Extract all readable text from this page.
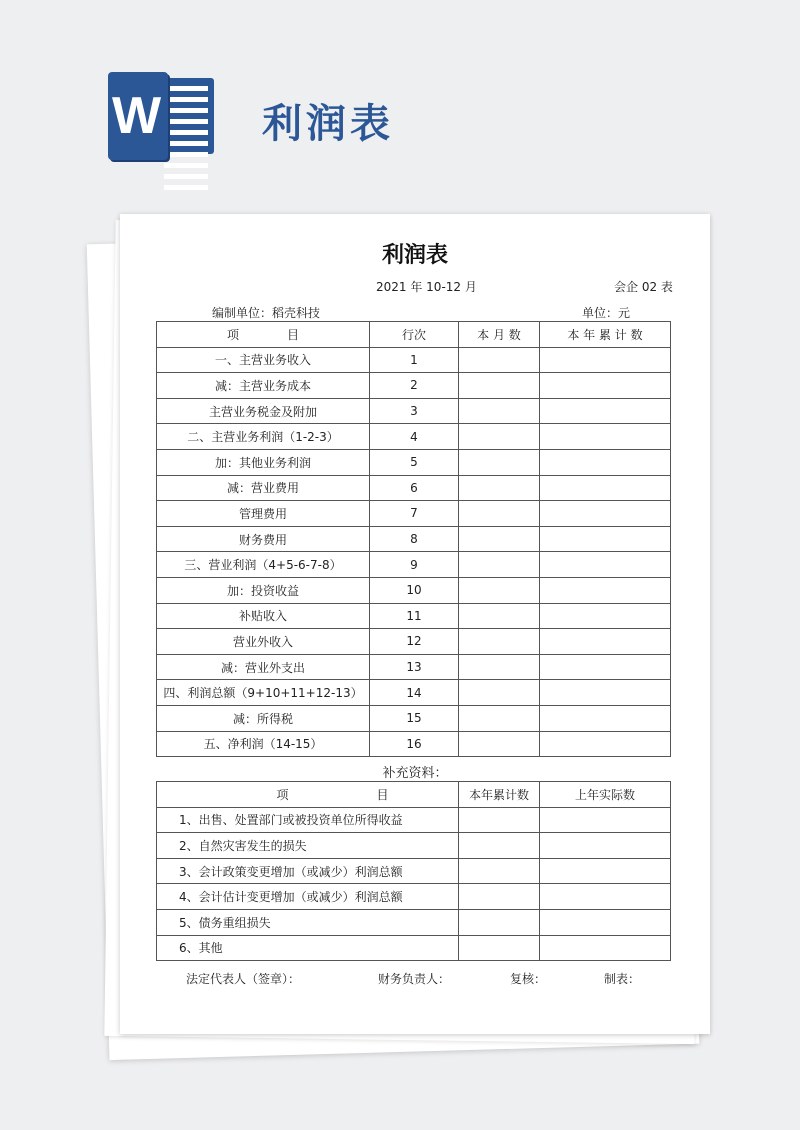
W	利润表
利润表
2021 年 10-12 月	会企 02 表
编制单位：稻壳科技	单位：元
项　　　　目	行次	本 月 数	本 年 累 计 数
一、主营业务收入	1		
减：主营业务成本	2		
主营业务税金及附加	3		
二、主营业务利润（1-2-3）	4		
加：其他业务利润	5		
减：营业费用	6		
管理费用	7		
财务费用	8		
三、营业利润（4+5-6-7-8）	9		
加：投资收益	10		
补贴收入	11		
营业外收入	12		
减：营业外支出	13		
四、利润总额（9+10+11+12-13）	14		
减：所得税	15		
五、净利润（14-15）	16		
补充资料：
项 目	本年累计数	上年实际数
1、出售、处置部门或被投资单位所得收益		
2、自然灾害发生的损失		
3、会计政策变更增加（或减少）利润总额		
4、会计估计变更增加（或减少）利润总额		
5、债务重组损失		
6、其他		
法定代表人（签章）：	财务负责人：	复核：	制表：
